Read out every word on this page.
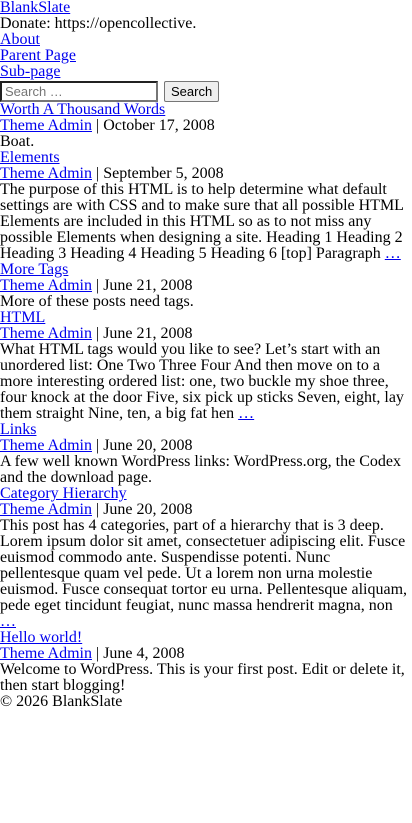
BlankSlate
Donate: https://opencollective.
About
Parent Page
Sub-page
Search …
Search
Worth A Thousand Words
Theme Admin | October 17, 2008
Boat.
Elements
Theme Admin | September 5, 2008
The purpose of this HTML is to help determine what default settings are with CSS and to make sure that all possible HTML Elements are included in this HTML so as to not miss any possible Elements when designing a site. Heading 1 Heading 2 Heading 3 Heading 4 Heading 5 Heading 6 [top] Paragraph …
More Tags
Theme Admin | June 21, 2008
More of these posts need tags.
HTML
Theme Admin | June 21, 2008
What HTML tags would you like to see? Let’s start with an unordered list: One Two Three Four And then move on to a more interesting ordered list: one, two buckle my shoe three, four knock at the door Five, six pick up sticks Seven, eight, lay them straight Nine, ten, a big fat hen …
Links
Theme Admin | June 20, 2008
A few well known WordPress links: WordPress.org, the Codex and the download page.
Category Hierarchy
Theme Admin | June 20, 2008
This post has 4 categories, part of a hierarchy that is 3 deep. Lorem ipsum dolor sit amet, consectetuer adipiscing elit. Fusce euismod commodo ante. Suspendisse potenti. Nunc pellentesque quam vel pede. Ut a lorem non urna molestie euismod. Fusce consequat tortor eu urna. Pellentesque aliquam, pede eget tincidunt feugiat, nunc massa hendrerit magna, non …
Hello world!
Theme Admin | June 4, 2008
Welcome to WordPress. This is your first post. Edit or delete it, then start blogging!
© 2026 BlankSlate
